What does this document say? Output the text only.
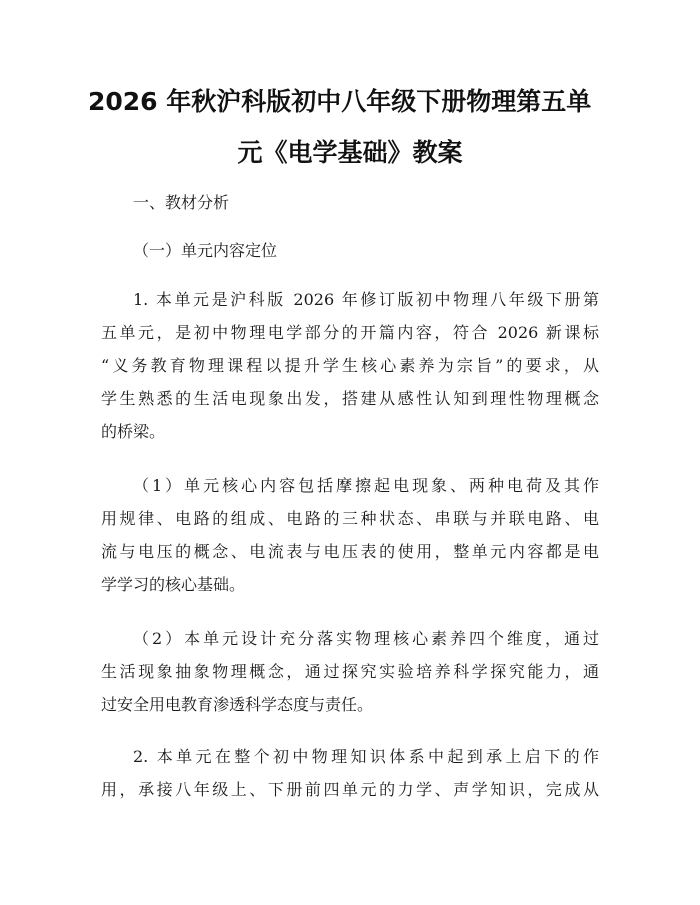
2026 年秋沪科版初中八年级下册物理第五单
元《电学基础》教案
一、教材分析
（一）单元内容定位
1. 本单元是沪科版 2026 年修订版初中物理八年级下册第
五单元，是初中物理电学部分的开篇内容，符合 2026 新课标
“义务教育物理课程以提升学生核心素养为宗旨”的要求，从
学生熟悉的生活电现象出发，搭建从感性认知到理性物理概念
的桥梁。
（1）单元核心内容包括摩擦起电现象、两种电荷及其作
用规律、电路的组成、电路的三种状态、串联与并联电路、电
流与电压的概念、电流表与电压表的使用，整单元内容都是电
学学习的核心基础。
（2）本单元设计充分落实物理核心素养四个维度，通过
生活现象抽象物理概念，通过探究实验培养科学探究能力，通
过安全用电教育渗透科学态度与责任。
2. 本单元在整个初中物理知识体系中起到承上启下的作
用，承接八年级上、下册前四单元的力学、声学知识，完成从
